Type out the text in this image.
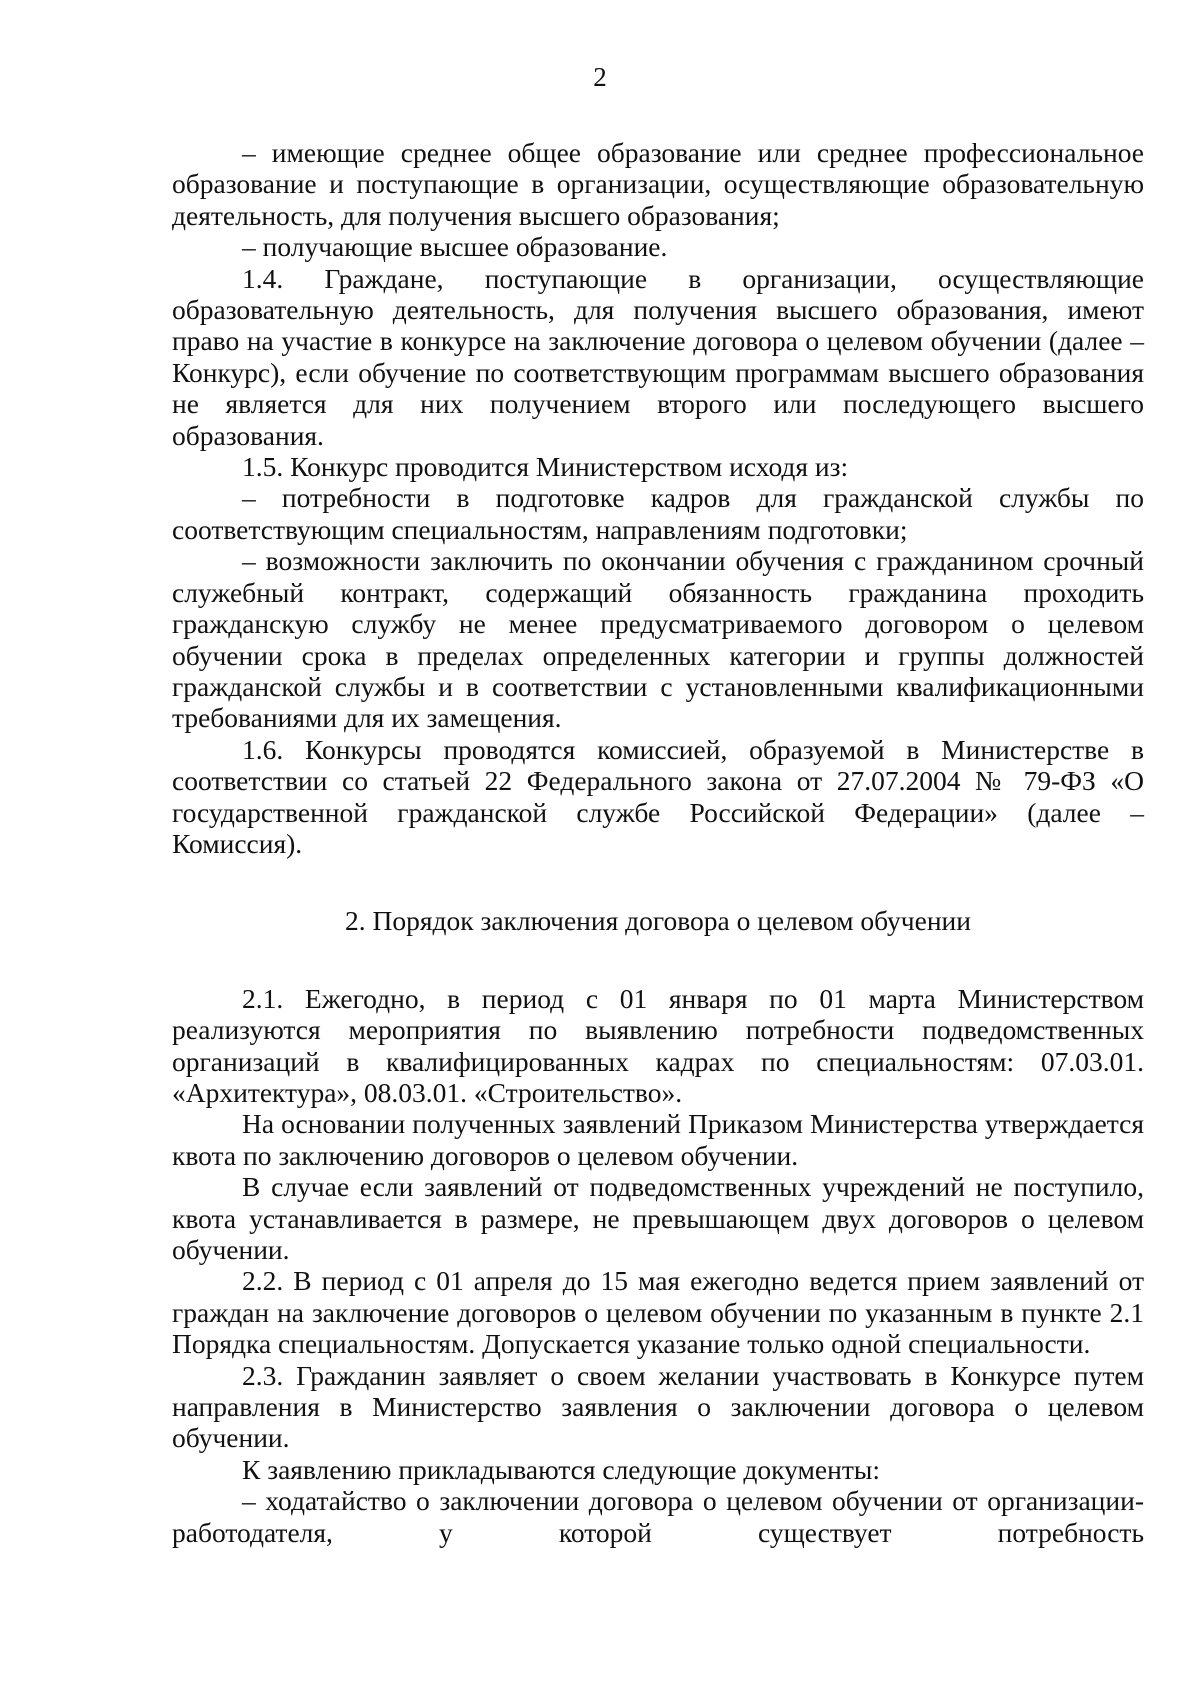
2

– имеющие среднее общее образование или среднее профессиональное образование и поступающие в организации, осуществляющие образовательную деятельность, для получения высшего образования;

– получающие высшее образование.

1.4. Граждане, поступающие в организации, осуществляющие образовательную деятельность, для получения высшего образования, имеют право на участие в конкурсе на заключение договора о целевом обучении (далее – Конкурс), если обучение по соответствующим программам высшего образования не является для них получением второго или последующего высшего образования.

1.5. Конкурс проводится Министерством исходя из:

– потребности в подготовке кадров для гражданской службы по соответствующим специальностям, направлениям подготовки;

– возможности заключить по окончании обучения с гражданином срочный служебный контракт, содержащий обязанность гражданина проходить гражданскую службу не менее предусматриваемого договором о целевом обучении срока в пределах определенных категории и группы должностей гражданской службы и в соответствии с установленными квалификационными требованиями для их замещения.

1.6. Конкурсы проводятся комиссией, образуемой в Министерстве в соответствии со статьей 22 Федерального закона от 27.07.2004 № 79-ФЗ «О государственной гражданской службе Российской Федерации» (далее – Комиссия).

2. Порядок заключения договора о целевом обучении

2.1. Ежегодно, в период с 01 января по 01 марта Министерством реализуются мероприятия по выявлению потребности подведомственных организаций в квалифицированных кадрах по специальностям: 07.03.01. «Архитектура», 08.03.01. «Строительство».

На основании полученных заявлений Приказом Министерства утверждается квота по заключению договоров о целевом обучении.

В случае если заявлений от подведомственных учреждений не поступило, квота устанавливается в размере, не превышающем двух договоров о целевом обучении.

2.2. В период с 01 апреля до 15 мая ежегодно ведется прием заявлений от граждан на заключение договоров о целевом обучении по указанным в пункте 2.1 Порядка специальностям. Допускается указание только одной специальности.

2.3. Гражданин заявляет о своем желании участвовать в Конкурсе путем направления в Министерство заявления о заключении договора о целевом обучении.

К заявлению прикладываются следующие документы:

– ходатайство о заключении договора о целевом обучении от организации-работодателя, у которой существует потребность
